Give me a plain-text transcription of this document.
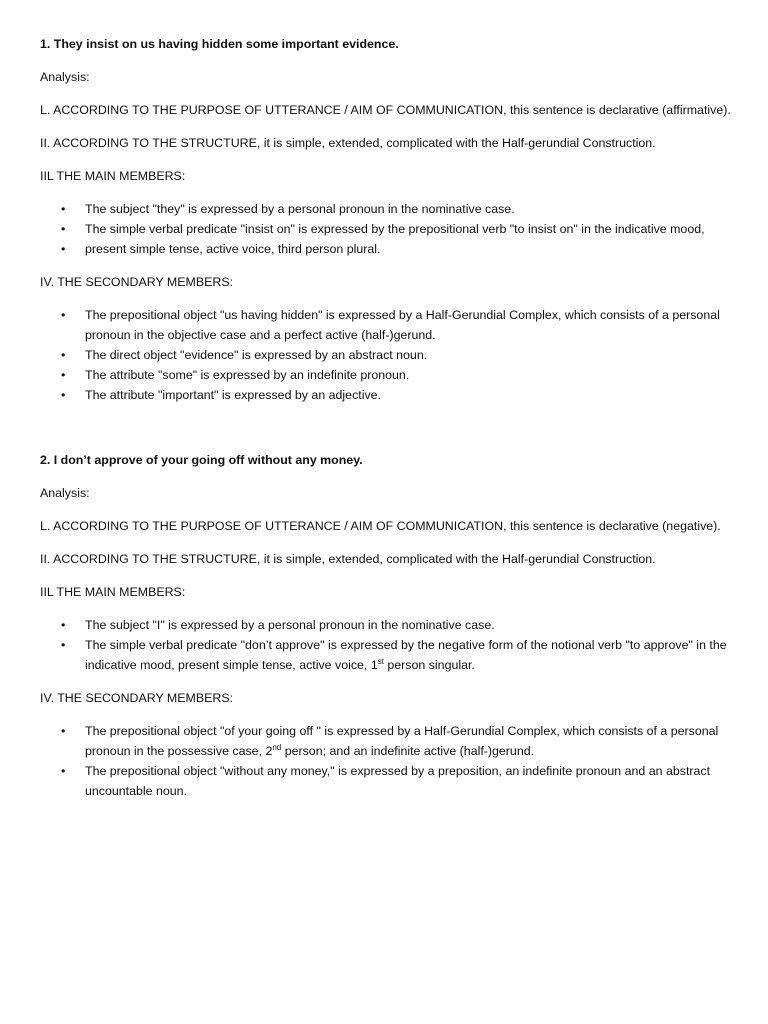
1. They insist on us having hidden some important evidence.

Analysis:

L. ACCORDING TO THE PURPOSE OF UTTERANCE / AIM OF COMMUNICATION, this sentence is declarative (affirmative).

II. ACCORDING TO THE STRUCTURE, it is simple, extended, complicated with the Half-gerundial Construction.

IIL THE MAIN MEMBERS:

• The subject "they" is expressed by a personal pronoun in the nominative case.
• The simple verbal predicate "insist on" is expressed by the prepositional verb "to insist on" in the indicative mood,
• present simple tense, active voice, third person plural.

IV. THE SECONDARY MEMBERS:

• The prepositional object "us having hidden" is expressed by a Half-Gerundial Complex, which consists of a personal pronoun in the objective case and a perfect active (half-)gerund.
• The direct object "evidence" is expressed by an abstract noun.
• The attribute "some" is expressed by an indefinite pronoun.
• The attribute "important" is expressed by an adjective.

2. I don’t approve of your going off without any money.

Analysis:

L. ACCORDING TO THE PURPOSE OF UTTERANCE / AIM OF COMMUNICATION, this sentence is declarative (negative).

II. ACCORDING TO THE STRUCTURE, it is simple, extended, complicated with the Half-gerundial Construction.

IIL THE MAIN MEMBERS:

• The subject "I" is expressed by a personal pronoun in the nominative case.
• The simple verbal predicate "don’t approve" is expressed by the negative form of the notional verb "to approve" in the indicative mood, present simple tense, active voice, 1st person singular.

IV. THE SECONDARY MEMBERS:

• The prepositional object "of your going off " is expressed by a Half-Gerundial Complex, which consists of a personal pronoun in the possessive case, 2nd person; and an indefinite active (half-)gerund.
• The prepositional object "without any money," is expressed by a preposition, an indefinite pronoun and an abstract uncountable noun.
